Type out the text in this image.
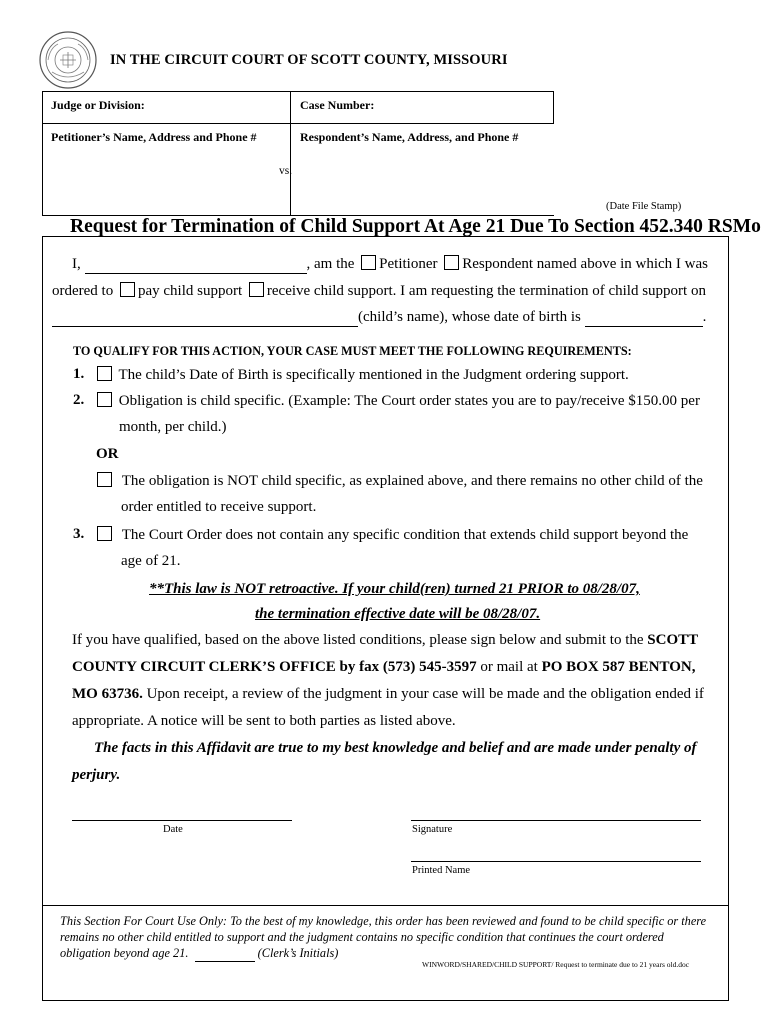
IN THE CIRCUIT COURT OF SCOTT COUNTY, MISSOURI
Judge or Division:	Case Number:
Petitioner’s Name, Address and Phone #	Respondent’s Name, Address, and Phone #
vs.
(Date File Stamp)
Request for Termination of Child Support At Age 21 Due To Section 452.340 RSMo
I,	, am the Petitioner Respondent named above in which I was
ordered to pay child support receive child support. I am requesting the termination of child support on
(child’s name), whose date of birth is	.
TO QUALIFY FOR THIS ACTION, YOUR CASE MUST MEET THE FOLLOWING REQUIREMENTS:
1.	The child’s Date of Birth is specifically mentioned in the Judgment ordering support.
2.	Obligation is child specific. (Example: The Court order states you are to pay/receive $150.00 per
month, per child.)
OR
The obligation is NOT child specific, as explained above, and there remains no other child of the
order entitled to receive support.
3.	The Court Order does not contain any specific condition that extends child support beyond the
age of 21.
**This law is NOT retroactive. If your child(ren) turned 21 PRIOR to 08/28/07,
the termination effective date will be 08/28/07.
If you have qualified, based on the above listed conditions, please sign below and submit to the SCOTT
COUNTY CIRCUIT CLERK’S OFFICE by fax (573) 545-3597 or mail at PO BOX 587 BENTON,
MO 63736. Upon receipt, a review of the judgment in your case will be made and the obligation ended if
appropriate. A notice will be sent to both parties as listed above.
The facts in this Affidavit are true to my best knowledge and belief and are made under penalty of
perjury.
Date	Signature
Printed Name
This Section For Court Use Only: To the best of my knowledge, this order has been reviewed and found to be child specific or there remains no other child entitled to support and the judgment contains no specific condition that continues the court ordered obligation beyond age 21.	(Clerk’s Initials)
WINWORD/SHARED/CHILD SUPPORT/ Request to terminate due to 21 years old.doc
